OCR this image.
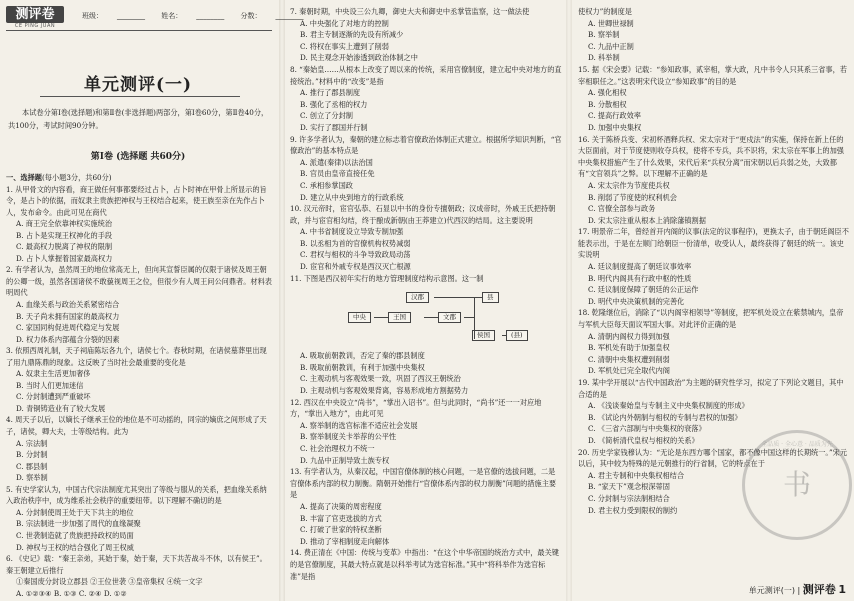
测评卷
CE PING JUAN
班级： ________ 姓名： ________ 分数： ________
单元测评(一)
本试卷分第Ⅰ卷(选择题)和第Ⅱ卷(非选择题)两部分，第Ⅰ卷60分，第Ⅱ卷40分，共100分，考试时间90分钟。
第Ⅰ卷 (选择题 共60分)

一、选择题(每小题3分，共60分)

1. 从甲骨文的内容看，商王做任何事都要经过占卜，占卜时神在甲骨上所显示的旨令，是占卜的依据，而奴隶主贵族把神权与王权结合起来，使王族至亲在先作占卜人，发布命令。由此可见在商代

A. 商王完全依靠神权实施统治

B. 占卜是实现王权神化的手段

C. 最高权力脱离了神权的限制

D. 占卜人掌握着国家最高权力

2. 有学者认为，虽然周王的地位常高无上，但向其宣誓臣属的仅限于诸侯及周王朝的公卿一级，虽然各国诸侯不敢藐视周王之位，但很少有人周王问公问鼎者。材料表明周代

A. 血缘关系与政治关系紧密结合

B. 天子尚未拥有国家的最高权力

C. 家国同构促进周代稳定与发展

D. 权力体系内部蕴含分裂的因素

3. 依照西周礼制，天子祠庙陈坛各九个，诸侯七个。春秋时期，在诸侯墓葬里出现了用九鼎陈鼎的现象。这反映了当时社会最重要的变化是

A. 奴隶主生活更加奢侈

B. 当时人们更加迷信

C. 分封制遭到严重破坏

D. 青铜铸造业有了较大发展

4. 周天子以后，以嫡长子继承王位的地位是不可动摇的，同宗的嫡庶之间形成了天子，诸侯，卿大夫，士等级结构。此为

A. 宗法制

B. 分封制

C. 郡县制

D. 察举制

5. 有史学家认为，中国古代宗法制度尤其突出了等级与服从的关系，把血缘关系纳入政治秩序中，成为维系社会秩序的重要纽带。以下理解不确切的是

A. 分封制使周王处于天下共主的地位

B. 宗法制进一步加强了周代的血缘凝聚

C. 世袭制造就了贵族把持政权的局面

D. 神权与王权的结合强化了周王权威

6. 《史记》载：“秦王亲弟，其始于秦，始于秦，天下共苦战斗不休，以有侯王”。秦王朝建立后推行

①秦国废分封设立郡县 ②王位世袭 ③皇帝集权 ④统一文字

A. ①②③④ B. ①③ C. ②④ D. ①②

7. 秦朝时期，中央设三公九卿，御史大夫和御史中丞掌管监察，这一做法使

A. 中央强化了对地方的控制

B. 君主专制逐渐的先设有所减少

C. 将权在事实上遭到了削弱

D. 民主观念开始渗透到政治体制之中

8. “秦始皇……从根本上改变了周以来的传统，采用官僚制度，建立起中央对地方的直接统治。”材料中的“改变”是指

A. 推行了郡县制度

B. 强化了丞相的权力

C. 创立了分封制

D. 实行了郡国并行制

9. 许多学者认为，秦朝的建立标志着官僚政治体制正式建立。根据所学知识判断，“官僚政治”的基本特点是

A. 派遣(秦律)以法治国

B. 官员由皇帝直接任免

C. 承相参掌国政

D. 建立从中央到地方的行政系统

10. 汉元帝时，宦官弘恭、石显以中书的身份专擅朝政；汉成帝时，外戚王氏把持朝政，并与宦官相勾结，终于酿成新朝(由王莽建立)代西汉的结局。这主要说明

A. 中书省制度设立导致专制加强

B. 以丞相为首的官僚机构权势减弱

C. 君权与相权的斗争导致政局动荡

D. 宦官和外戚专权是西汉灭亡根源

11. 下图是西汉初年实行的地方管理制度结构示意图。这一制

中央
汉郡
王国	文郡
县
侯国	(县)

A. 吸取前朝教训，否定了秦的郡县制度

B. 吸取前朝教训，有利于加强中央集权

C. 主观动机与客观效果一致，巩固了西汉王朝统治

D. 主观动机与客观效果背离，容易形成地方割据势力

12. 西汉在中央设立“尚书”，“掌出入诏书”。但与此同时，“尚书”还一一对应地方，“掌出入地方”，由此可见

A. 察举制的选官标准不适应社会发展

B. 察举制度关卡举荐的公平性

C. 社会治理权力不统一

D. 九品中正制导致土族专权

13. 有学者认为，从秦汉起，中国官僚体制的核心问题，一是官僚的选拔问题，二是官僚体系内部的权力制衡。隋朝开始推行“官僚体系内部的权力制衡”问题的措施主要是

A. 提高了决策的周密程度

B. 丰富了官吏选拔的方式

C. 打破了世家的特权垄断

D. 推动了宰相制度走向解体

14. 费正清在《中国：传统与变革》中指出：“在这个中华帝国的统治方式中，最关键的是官僚制度，其最大特点就是以科举考试为选官标准。”其中“将科举作为选官标准”是指

使权力”的制度是

A. 世卿世禄制

B. 察举制

C. 九品中正制

D. 科举制

15. 据《宋会要》记载：“参知政事，贰宰相，掌大政，凡中书令人只其系三省事，若宰相职任之。”这表明宋代设立“参知政事”的目的是

A. 强化相权

B. 分散相权

C. 提高行政效率

D. 加强中央集权

16. 关于陈桥兵变、宋初杯酒释兵权、宋太宗对于“更戍法”的实施，保持在新上任的大臣面前，对于节度使则收夺兵权，使将不专兵，兵不识将，宋太宗在军事上的加强中央集权措施产生了什么效果，宋代后来“兵权分离”而宋朝以后兵弱之处，大致都有“文官领兵”之弊。以下理解不正确的是

A. 宋太宗作为节度使兵权

B. 削弱了节度使的权利机会

C. 官僚全部参与政务

D. 宋太宗注重从根本上消除藩镇割据

17. 明景帝二年，曾经首开内阁的议事(法定的议事程序)，更换太子，由于朝廷阁臣不能表示出，于是在左顺门给朝臣一份清单，收受认人，最终获得了朝廷的统一。该史实说明

A. 廷议制度提高了朝廷议事效率

B. 明代内阁具有行政中枢的性质

C. 廷议制度保障了朝廷的公正运作

D. 明代中央决策机制的完善化

18. 乾隆继位后，消除了“以内阁宰相领导”等制度，把军机处设立在紫禁城内，皇帝与军机大臣每天面议军国大事。对此评价正确的是

A. 清朝内阁权力得到加强

B. 军机处有助于加强皇权

C. 清朝中央集权遭到削弱

D. 军机处已完全取代内阁

19. 某中学开展以“古代中国政治”为主题的研究性学习，拟定了下列论文题目，其中合适的是

A. 《浅谈秦始皇与专制主义中央集权制度的形成》

B. 《试论内外朝制与相权的专制与君权的加强》

C. 《三省六部制与中央集权的衰落》

D. 《简析清代皇权与相权的关系》

20. 历史学家钱穆认为：“无论是东西方哪个国家，都不像中国这样的长期统一。”宋元以后，其中较为特殊的是元朝推行的行省制，它的特点在于

A. 君主专制和中央集权相结合

B. “家天下”观念根深蒂固

C. 分封制与宗法制相结合

D. 君主权力受到限权的制约

全品质 · 全心意 · 品质为先
书
单元测评(一) | 测评卷 1
